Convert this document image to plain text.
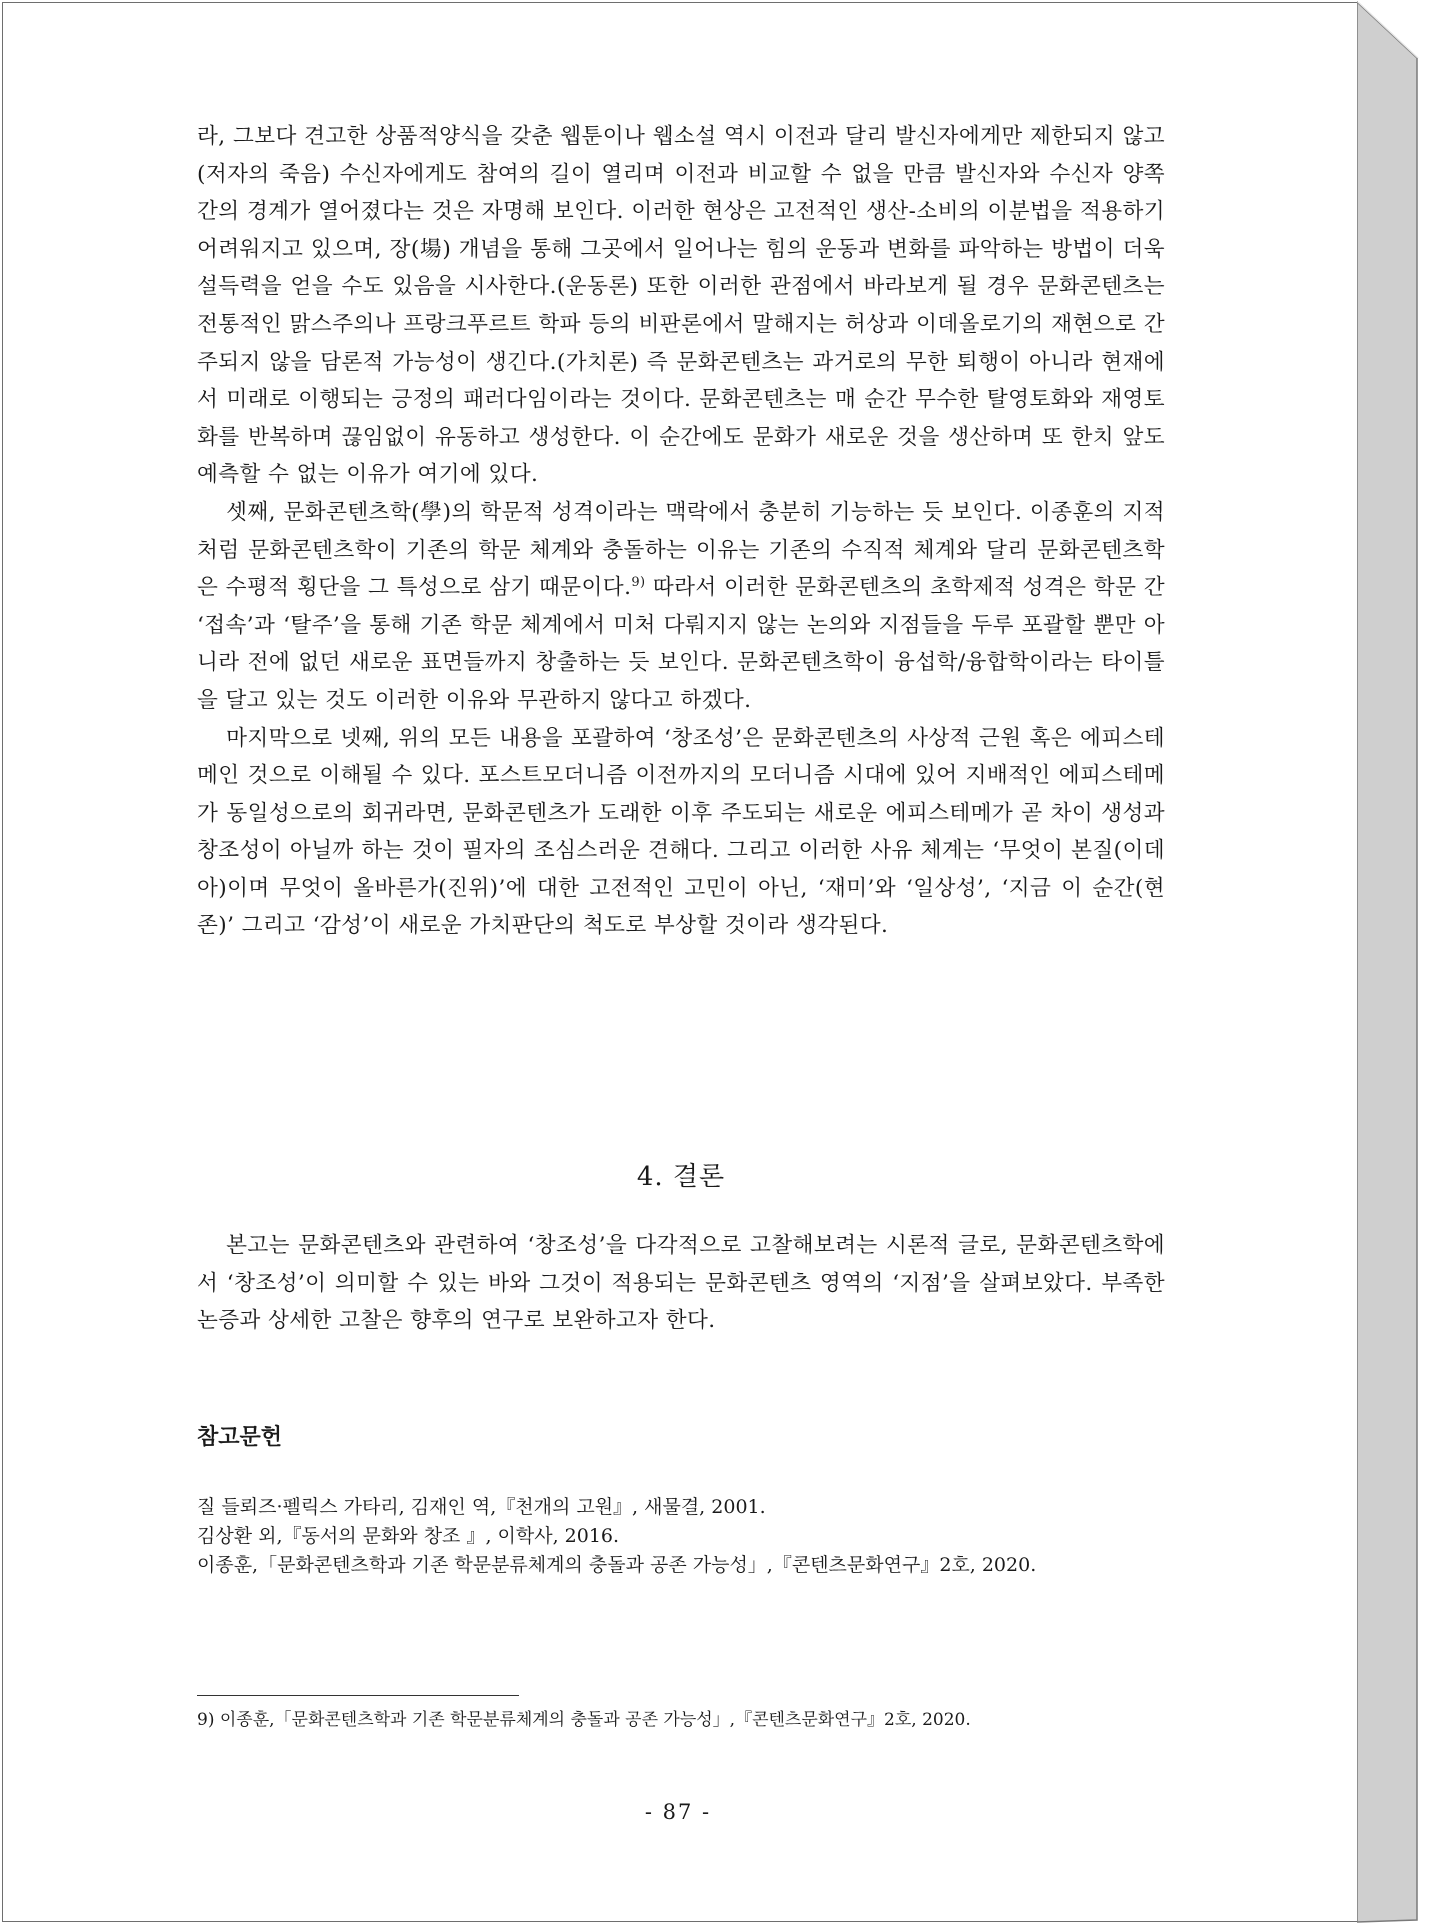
라, 그보다 견고한 상품적양식을 갖춘 웹툰이나 웹소설 역시 이전과 달리 발신자에게만 제한되지 않고(저자의 죽음) 수신자에게도 참여의 길이 열리며 이전과 비교할 수 없을 만큼 발신자와 수신자 양쪽 간의 경계가 열어졌다는 것은 자명해 보인다. 이러한 현상은 고전적인 생산-소비의 이분법을 적용하기 어려워지고 있으며, 장(場) 개념을 통해 그곳에서 일어나는 힘의 운동과 변화를 파악하는 방법이 더욱 설득력을 얻을 수도 있음을 시사한다.(운동론) 또한 이러한 관점에서 바라보게 될 경우 문화콘텐츠는 전통적인 맑스주의나 프랑크푸르트 학파 등의 비판론에서 말해지는 허상과 이데올로기의 재현으로 간주되지 않을 담론적 가능성이 생긴다.(가치론) 즉 문화콘텐츠는 과거로의 무한 퇴행이 아니라 현재에서 미래로 이행되는 긍정의 패러다임이라는 것이다. 문화콘텐츠는 매 순간 무수한 탈영토화와 재영토화를 반복하며 끊임없이 유동하고 생성한다. 이 순간에도 문화가 새로운 것을 생산하며 또 한치 앞도 예측할 수 없는 이유가 여기에 있다.

셋째, 문화콘텐츠학(學)의 학문적 성격이라는 맥락에서 충분히 기능하는 듯 보인다. 이종훈의 지적처럼 문화콘텐츠학이 기존의 학문 체계와 충돌하는 이유는 기존의 수직적 체계와 달리 문화콘텐츠학은 수평적 횡단을 그 특성으로 삼기 때문이다.$^{9)}$ 따라서 이러한 문화콘텐츠의 초학제적 성격은 학문 간 ‘접속’과 ‘탈주’을 통해 기존 학문 체계에서 미처 다뤄지지 않는 논의와 지점들을 두루 포괄할 뿐만 아니라 전에 없던 새로운 표면들까지 창출하는 듯 보인다. 문화콘텐츠학이 융섭학/융합학이라는 타이틀을 달고 있는 것도 이러한 이유와 무관하지 않다고 하겠다.

마지막으로 넷째, 위의 모든 내용을 포괄하여 ‘창조성’은 문화콘텐츠의 사상적 근원 혹은 에피스테메인 것으로 이해될 수 있다. 포스트모더니즘 이전까지의 모더니즘 시대에 있어 지배적인 에피스테메가 동일성으로의 회귀라면, 문화콘텐츠가 도래한 이후 주도되는 새로운 에피스테메가 곧 차이 생성과 창조성이 아닐까 하는 것이 필자의 조심스러운 견해다. 그리고 이러한 사유 체계는 ‘무엇이 본질(이데아)이며 무엇이 올바른가(진위)’에 대한 고전적인 고민이 아닌, ‘재미’와 ‘일상성’, ‘지금 이 순간(현존)’ 그리고 ‘감성’이 새로운 가치판단의 척도로 부상할 것이라 생각된다.

4. 결론

본고는 문화콘텐츠와 관련하여 ‘창조성’을 다각적으로 고찰해보려는 시론적 글로, 문화콘텐츠학에서 ‘창조성’이 의미할 수 있는 바와 그것이 적용되는 문화콘텐츠 영역의 ‘지점’을 살펴보았다. 부족한 논증과 상세한 고찰은 향후의 연구로 보완하고자 한다.

참고문헌

질 들뢰즈·펠릭스 가타리, 김재인 역,『천개의 고원』, 새물결, 2001.

김상환 외,『동서의 문화와 창조 』, 이학사, 2016.

이종훈,「문화콘텐츠학과 기존 학문분류체계의 충돌과 공존 가능성」,『콘텐츠문화연구』2호, 2020.

9) 이종훈,「문화콘텐츠학과 기존 학문분류체계의 충돌과 공존 가능성」,『콘텐츠문화연구』2호, 2020.
- 87 -
